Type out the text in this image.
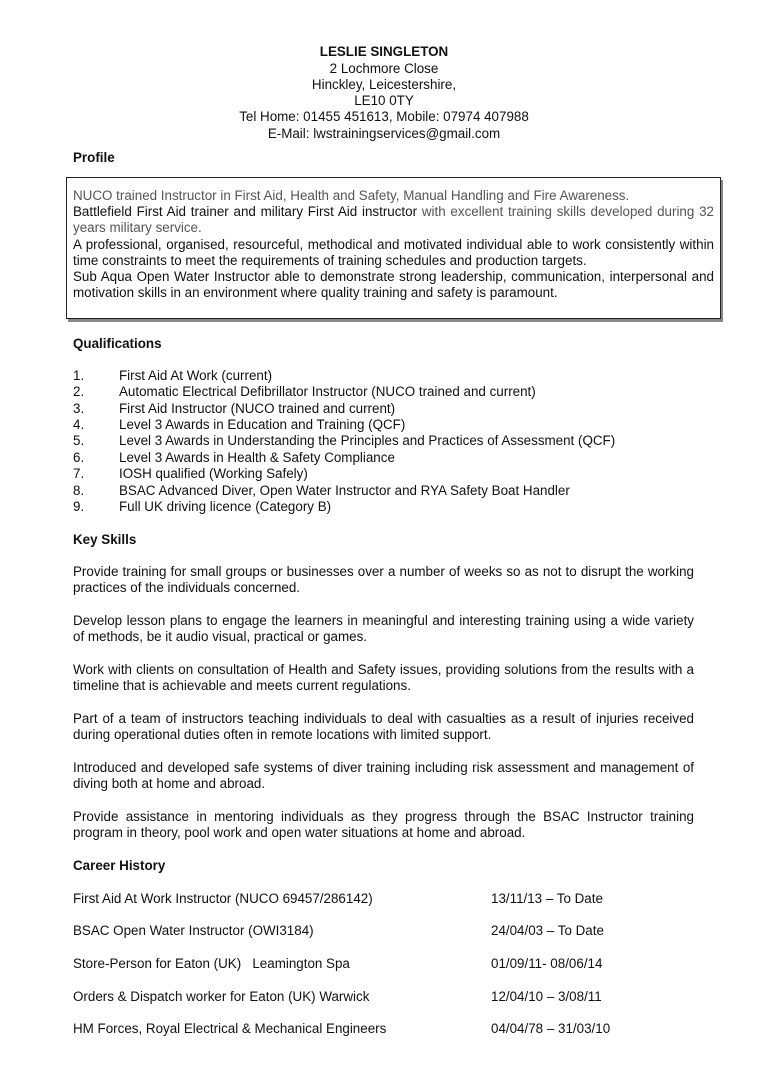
LESLIE SINGLETON
2 Lochmore Close
Hinckley, Leicestershire,
LE10 0TY
Tel Home: 01455 451613, Mobile: 07974 407988
E-Mail: lwstrainingservices@gmail.com
Profile
NUCO trained Instructor in First Aid, Health and Safety, Manual Handling and Fire Awareness.
Battlefield First Aid trainer and military First Aid instructor with excellent training skills developed during 32 years military service.
A professional, organised, resourceful, methodical and motivated individual able to work consistently within time constraints to meet the requirements of training schedules and production targets.
Sub Aqua Open Water Instructor able to demonstrate strong leadership, communication, interpersonal and motivation skills in an environment where quality training and safety is paramount.
Qualifications
1.	First Aid At Work (current)
2.	Automatic Electrical Defibrillator Instructor (NUCO trained and current)
3.	First Aid Instructor (NUCO trained and current)
4.	Level 3 Awards in Education and Training (QCF)
5.	Level 3 Awards in Understanding the Principles and Practices of Assessment (QCF)
6.	Level 3 Awards in Health & Safety Compliance
7.	IOSH qualified (Working Safely)
8.	BSAC Advanced Diver, Open Water Instructor and RYA Safety Boat Handler
9.	Full UK driving licence (Category B)
Key Skills
Provide training for small groups or businesses over a number of weeks so as not to disrupt the working practices of the individuals concerned.
Develop lesson plans to engage the learners in meaningful and interesting training using a wide variety of methods, be it audio visual, practical or games.
Work with clients on consultation of Health and Safety issues, providing solutions from the results with a timeline that is achievable and meets current regulations.
Part of a team of instructors teaching individuals to deal with casualties as a result of injuries received during operational duties often in remote locations with limited support.
Introduced and developed safe systems of diver training including risk assessment and management of diving both at home and abroad.
Provide assistance in mentoring individuals as they progress through the BSAC Instructor training program in theory, pool work and open water situations at home and abroad.
Career History
First Aid At Work Instructor (NUCO 69457/286142)	13/11/13 – To Date
BSAC Open Water Instructor (OWI3184)	24/04/03 – To Date
Store-Person for Eaton (UK)   Leamington Spa	01/09/11- 08/06/14
Orders & Dispatch worker for Eaton (UK) Warwick	12/04/10 – 3/08/11
HM Forces, Royal Electrical & Mechanical Engineers	04/04/78 – 31/03/10
